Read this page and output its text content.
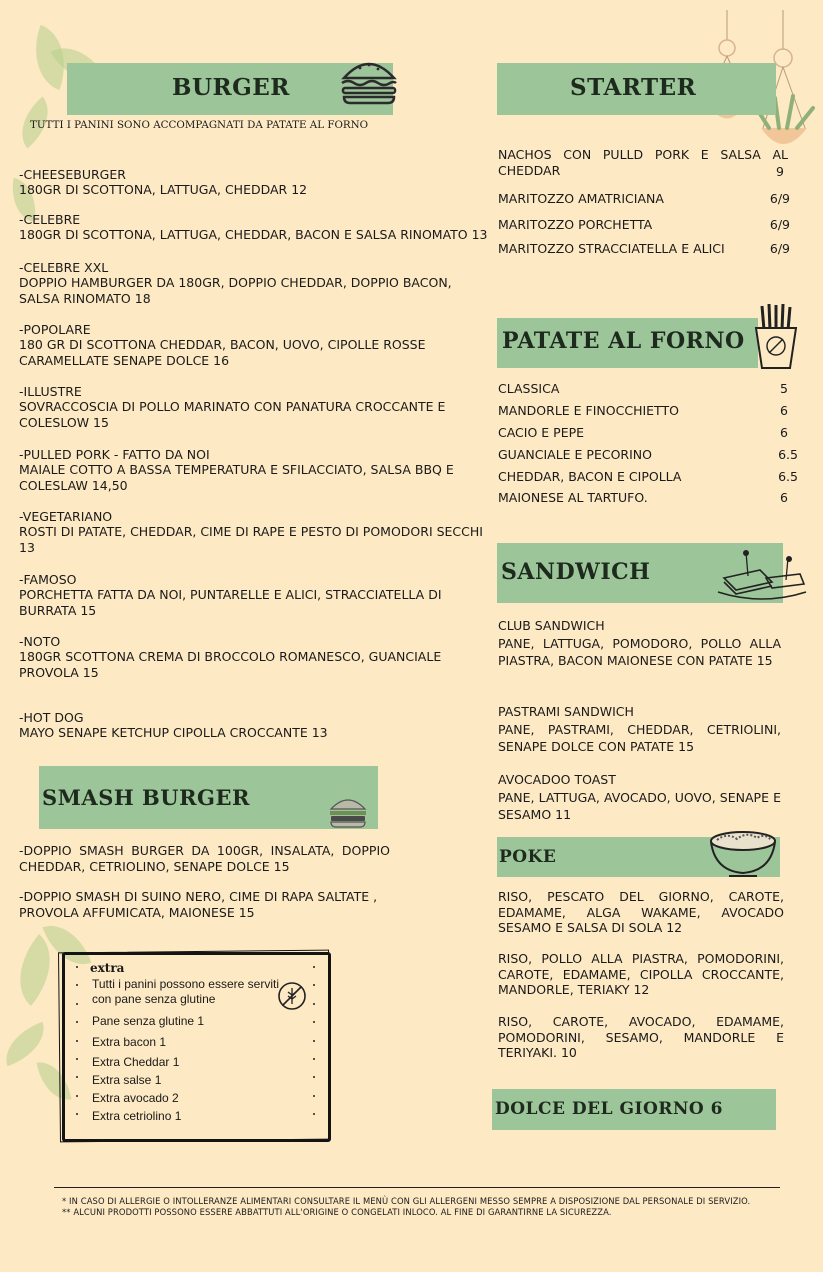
BURGER
TUTTI I PANINI SONO ACCOMPAGNATI DA PATATE AL FORNO
-CHEESEBURGER
180GR DI SCOTTONA, LATTUGA, CHEDDAR 12
-CELEBRE
180GR DI SCOTTONA, LATTUGA, CHEDDAR, BACON E SALSA RINOMATO 13
-CELEBRE XXL
DOPPIO HAMBURGER DA 180GR, DOPPIO CHEDDAR, DOPPIO BACON, SALSA RINOMATO 18
-POPOLARE
180 GR DI SCOTTONA CHEDDAR, BACON, UOVO, CIPOLLE ROSSE CARAMELLATE SENAPE DOLCE 16
-ILLUSTRE
SOVRACCOSCIA DI POLLO MARINATO CON PANATURA CROCCANTE E COLESLOW 15
-PULLED PORK - FATTO DA NOI
MAIALE COTTO A BASSA TEMPERATURA E SFILACCIATO, SALSA BBQ E COLESLAW 14,50
-VEGETARIANO
ROSTI DI PATATE, CHEDDAR, CIME DI RAPE E PESTO DI POMODORI SECCHI 13
-FAMOSO
PORCHETTA FATTA DA NOI, PUNTARELLE E ALICI, STRACCIATELLA DI BURRATA 15
-NOTO
180GR SCOTTONA CREMA DI BROCCOLO ROMANESCO, GUANCIALE PROVOLA 15
-HOT DOG
MAYO SENAPE KETCHUP CIPOLLA CROCCANTE 13
SMASH BURGER
-DOPPIO SMASH BURGER DA 100GR, INSALATA, DOPPIO CHEDDAR, CETRIOLINO, SENAPE DOLCE 15
-DOPPIO SMASH DI SUINO NERO, CIME DI RAPA SALTATE , PROVOLA AFFUMICATA, MAIONESE 15
extra
Tutti i panini possono essere serviti con pane senza glutine
Pane senza glutine 1
Extra bacon 1
Extra Cheddar 1
Extra salse 1
Extra avocado 2
Extra cetriolino 1
STARTER
NACHOS CON PULLD PORK E SALSA AL CHEDDAR	9
MARITOZZO AMATRICIANA	6/9
MARITOZZO PORCHETTA	6/9
MARITOZZO STRACCIATELLA E ALICI	6/9
PATATE AL FORNO
CLASSICA	5
MANDORLE E FINOCCHIETTO	6
CACIO E PEPE	6
GUANCIALE E PECORINO	6.5
CHEDDAR, BACON E CIPOLLA	6.5
MAIONESE AL TARTUFO.	6
SANDWICH
CLUB SANDWICH
PANE, LATTUGA, POMODORO, POLLO ALLA PIASTRA, BACON MAIONESE CON PATATE 15
PASTRAMI SANDWICH
PANE, PASTRAMI, CHEDDAR, CETRIOLINI, SENAPE DOLCE CON PATATE 15
AVOCADOO TOAST
PANE, LATTUGA, AVOCADO, UOVO, SENAPE E SESAMO 11
POKE
RISO, PESCATO DEL GIORNO, CAROTE, EDAMAME, ALGA WAKAME, AVOCADO SESAMO E SALSA DI SOLA 12
RISO, POLLO ALLA PIASTRA, POMODORINI, CAROTE, EDAMAME, CIPOLLA CROCCANTE, MANDORLE, TERIAKY 12
RISO, CAROTE, AVOCADO, EDAMAME, POMODORINI, SESAMO, MANDORLE E TERIYAKI. 10
DOLCE DEL GIORNO 6
* IN CASO DI ALLERGIE O INTOLLERANZE ALIMENTARI CONSULTARE IL MENÙ CON GLI ALLERGENI MESSO SEMPRE A DISPOSIZIONE DAL PERSONALE DI SERVIZIO.
** ALCUNI PRODOTTI POSSONO ESSERE ABBATTUTI ALL'ORIGINE O CONGELATI INLOCO. AL FINE DI GARANTIRNE LA SICUREZZA.
